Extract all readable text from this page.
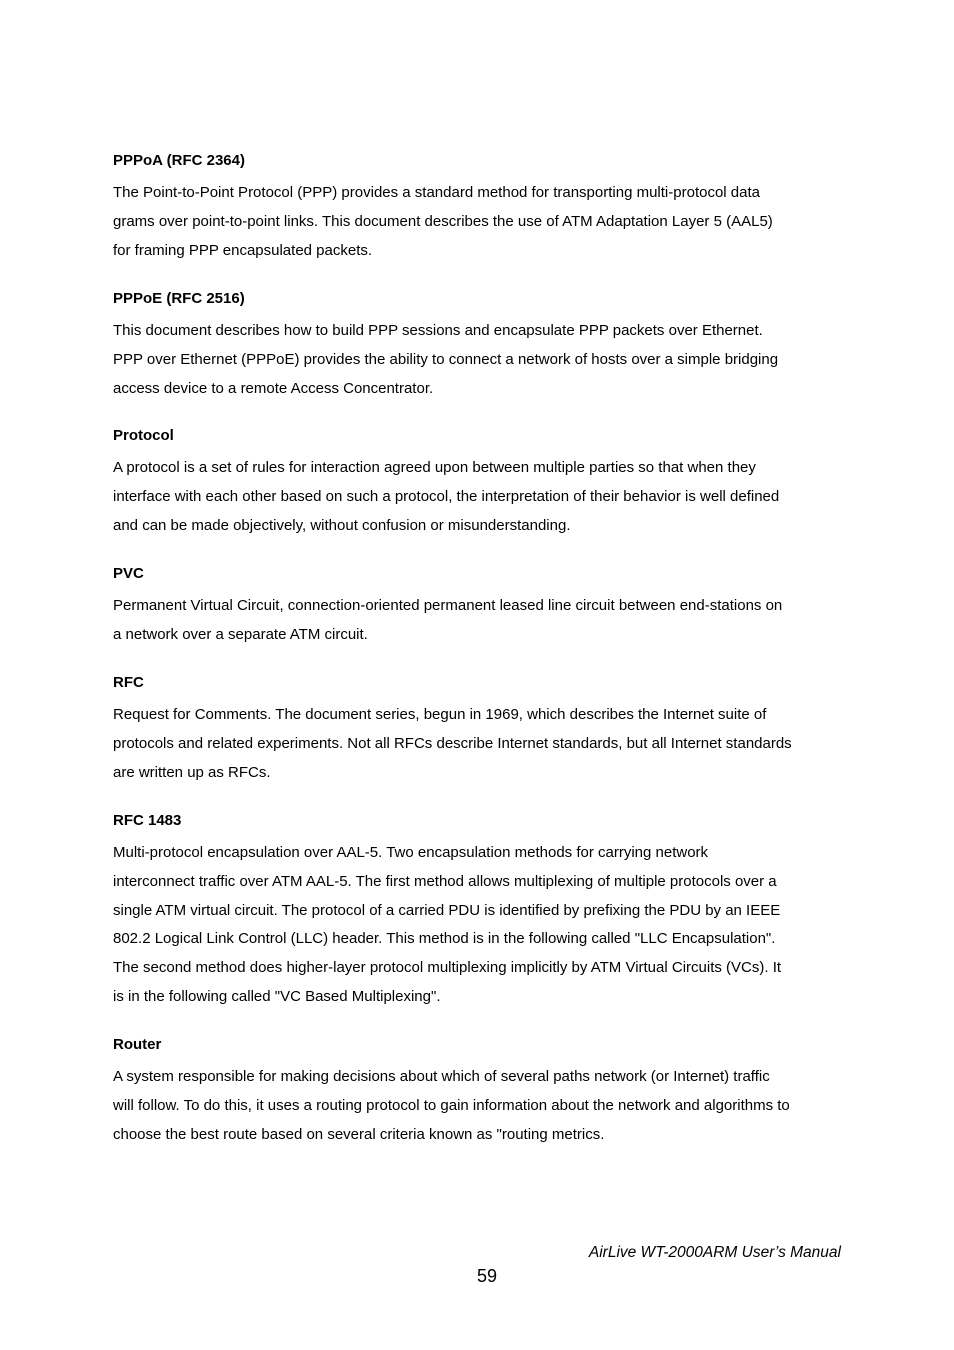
PPPoA (RFC 2364)
The Point-to-Point Protocol (PPP) provides a standard method for transporting multi-protocol data
grams over point-to-point links. This document describes the use of ATM Adaptation Layer 5 (AAL5)
for framing PPP encapsulated packets.
PPPoE (RFC 2516)
This document describes how to build PPP sessions and encapsulate PPP packets over Ethernet.
PPP over Ethernet (PPPoE) provides the ability to connect a network of hosts over a simple bridging
access device to a remote Access Concentrator.
Protocol
A protocol is a set of rules for interaction agreed upon between multiple parties so that when they
interface with each other based on such a protocol, the interpretation of their behavior is well defined
and can be made objectively, without confusion or misunderstanding.
PVC
Permanent Virtual Circuit, connection-oriented permanent leased line circuit between end-stations on
a network over a separate ATM circuit.
RFC
Request for Comments. The document series, begun in 1969, which describes the Internet suite of
protocols and related experiments. Not all RFCs describe Internet standards, but all Internet standards
are written up as RFCs.
RFC 1483
Multi-protocol encapsulation over AAL-5. Two encapsulation methods for carrying network
interconnect traffic over ATM AAL-5. The first method allows multiplexing of multiple protocols over a
single ATM virtual circuit. The protocol of a carried PDU is identified by prefixing the PDU by an IEEE
802.2 Logical Link Control (LLC) header. This method is in the following called "LLC Encapsulation".
The second method does higher-layer protocol multiplexing implicitly by ATM Virtual Circuits (VCs). It
is in the following called "VC Based Multiplexing".
Router
A system responsible for making decisions about which of several paths network (or Internet) traffic
will follow. To do this, it uses a routing protocol to gain information about the network and algorithms to
choose the best route based on several criteria known as "routing metrics.
AirLive WT-2000ARM User’s Manual
59
